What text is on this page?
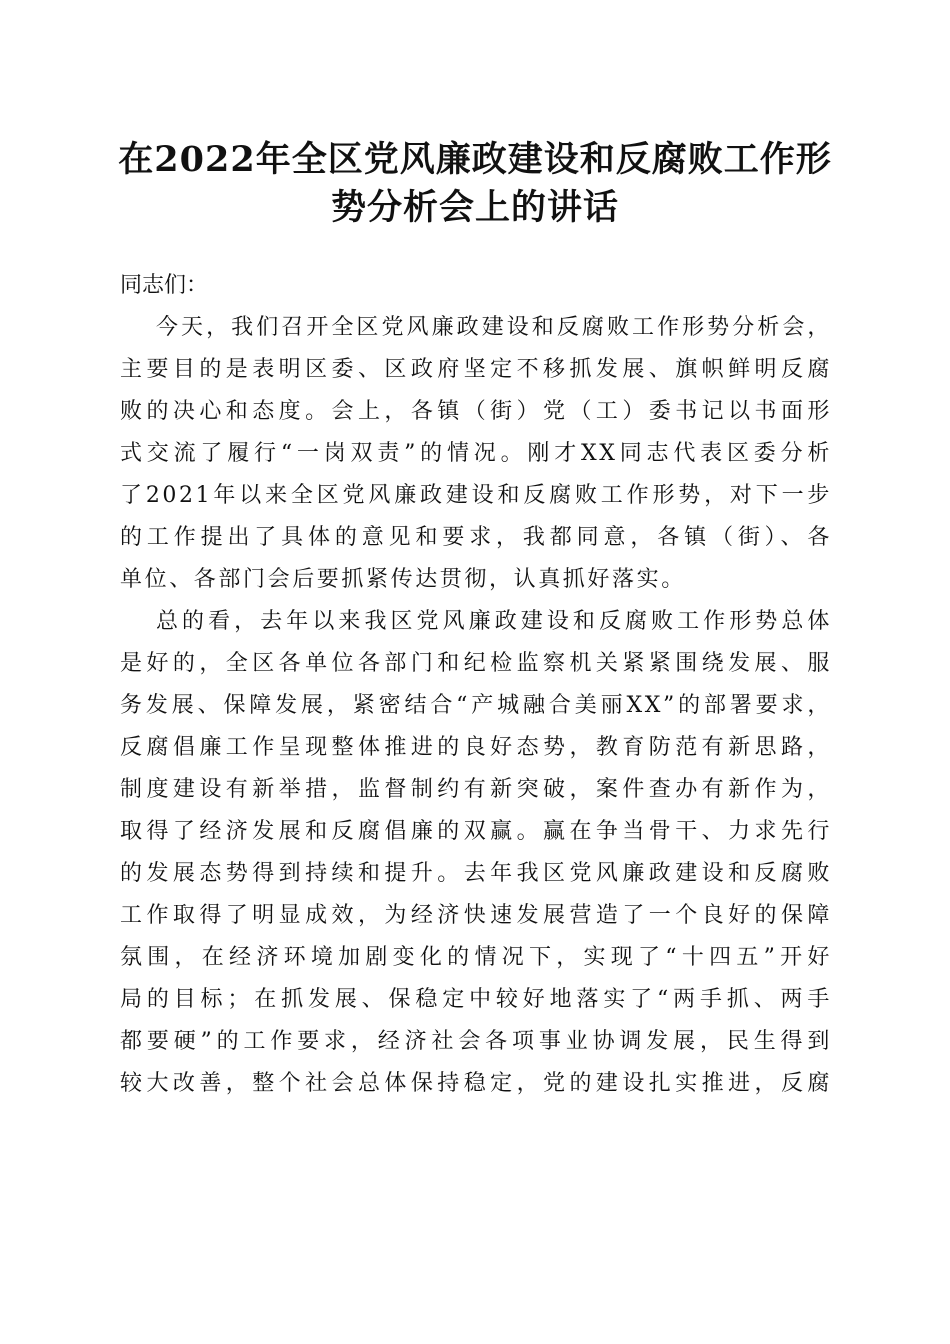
在2022年全区党风廉政建设和反腐败工作形
势分析会上的讲话

同志们：

今天，我们召开全区党风廉政建设和反腐败工作形势分析会，
主要目的是表明区委、区政府坚定不移抓发展、旗帜鲜明反腐
败的决心和态度。会上，各镇（街）党（工）委书记以书面形
式交流了履行“一岗双责”的情况。刚才XX同志代表区委分析
了2021年以来全区党风廉政建设和反腐败工作形势，对下一步
的工作提出了具体的意见和要求，我都同意，各镇（街）、各
单位、各部门会后要抓紧传达贯彻，认真抓好落实。

总的看，去年以来我区党风廉政建设和反腐败工作形势总体
是好的，全区各单位各部门和纪检监察机关紧紧围绕发展、服
务发展、保障发展，紧密结合“产城融合美丽XX”的部署要求，
反腐倡廉工作呈现整体推进的良好态势，教育防范有新思路，
制度建设有新举措，监督制约有新突破，案件查办有新作为，
取得了经济发展和反腐倡廉的双赢。赢在争当骨干、力求先行
的发展态势得到持续和提升。去年我区党风廉政建设和反腐败
工作取得了明显成效，为经济快速发展营造了一个良好的保障
氛围，在经济环境加剧变化的情况下，实现了“十四五”开好
局的目标；在抓发展、保稳定中较好地落实了“两手抓、两手
都要硬”的工作要求，经济社会各项事业协调发展，民生得到
较大改善，整个社会总体保持稳定，党的建设扎实推进，反腐
